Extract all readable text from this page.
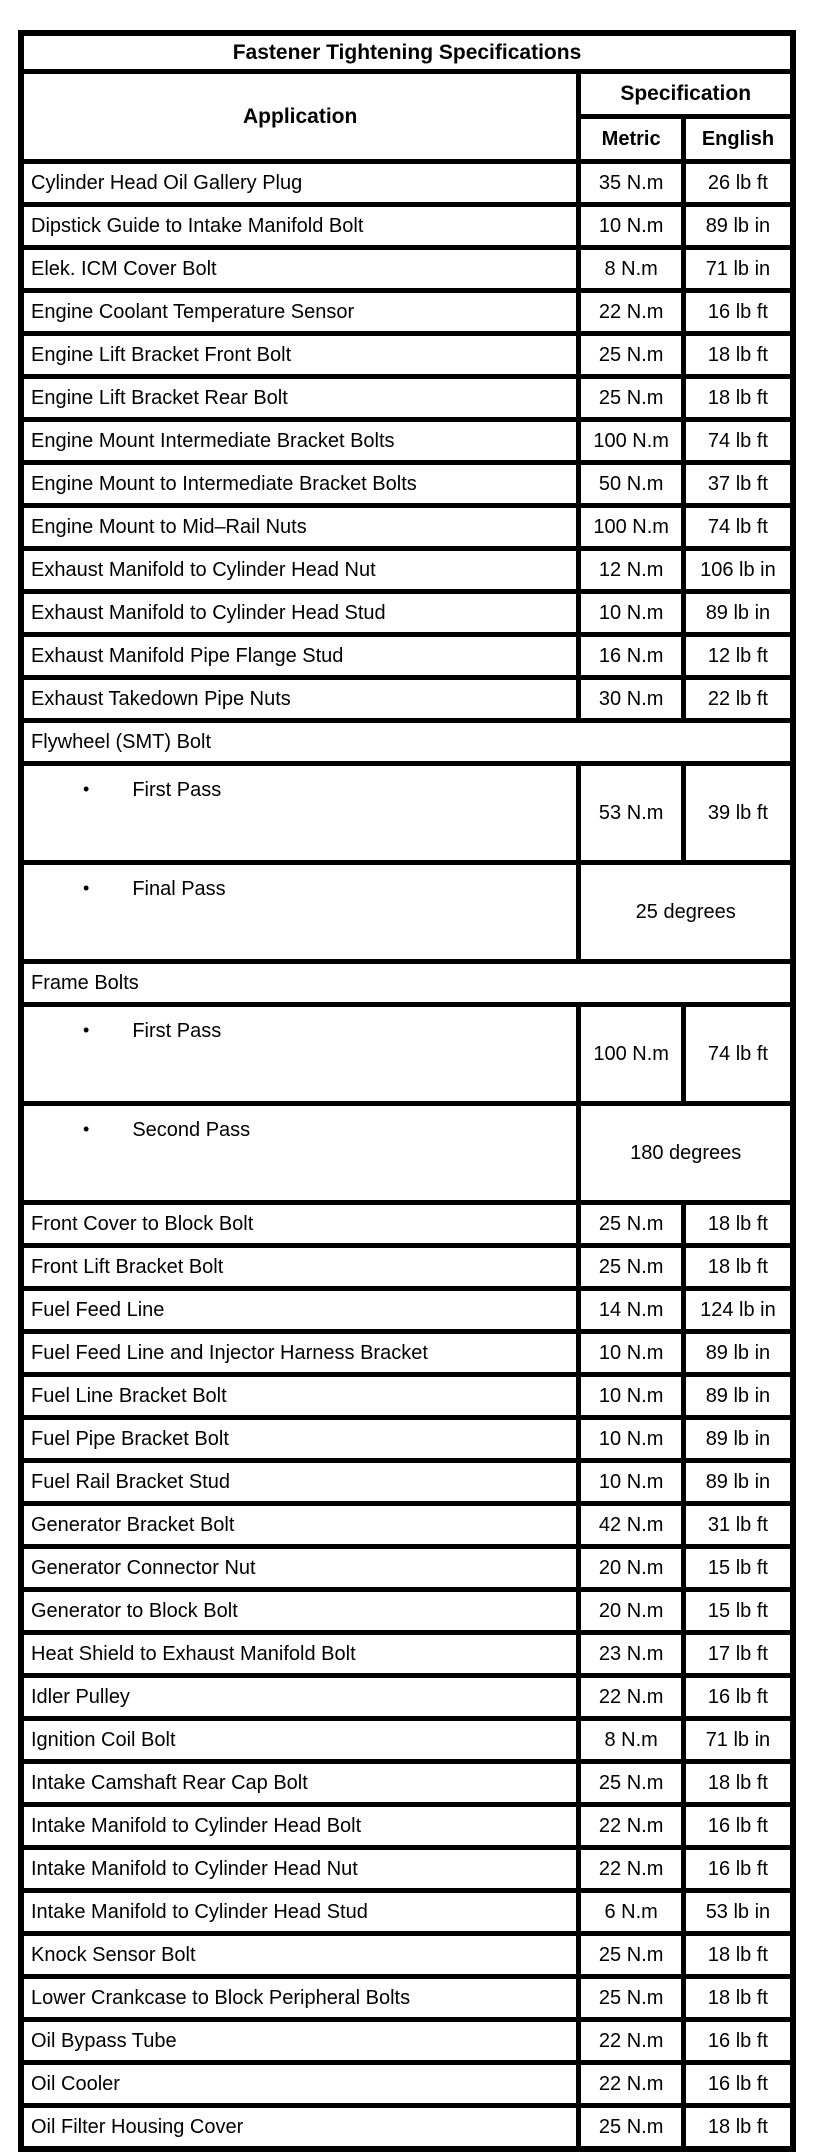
Fastener Tightening Specifications		
Application	Specification	
	Metric	English
Cylinder Head Oil Gallery Plug	35 N.m	26 lb ft
Dipstick Guide to Intake Manifold Bolt	10 N.m	89 lb in
Elek. ICM Cover Bolt	8 N.m	71 lb in
Engine Coolant Temperature Sensor	22 N.m	16 lb ft
Engine Lift Bracket Front Bolt	25 N.m	18 lb ft
Engine Lift Bracket Rear Bolt	25 N.m	18 lb ft
Engine Mount Intermediate Bracket Bolts	100 N.m	74 lb ft
Engine Mount to Intermediate Bracket Bolts	50 N.m	37 lb ft
Engine Mount to Mid–Rail Nuts	100 N.m	74 lb ft
Exhaust Manifold to Cylinder Head Nut	12 N.m	106 lb in
Exhaust Manifold to Cylinder Head Stud	10 N.m	89 lb in
Exhaust Manifold Pipe Flange Stud	16 N.m	12 lb ft
Exhaust Takedown Pipe Nuts	30 N.m	22 lb ft
Flywheel (SMT) Bolt		
• First Pass	53 N.m	39 lb ft
• Final Pass	25 degrees	
Frame Bolts		
• First Pass	100 N.m	74 lb ft
• Second Pass	180 degrees	
Front Cover to Block Bolt	25 N.m	18 lb ft
Front Lift Bracket Bolt	25 N.m	18 lb ft
Fuel Feed Line	14 N.m	124 lb in
Fuel Feed Line and Injector Harness Bracket	10 N.m	89 lb in
Fuel Line Bracket Bolt	10 N.m	89 lb in
Fuel Pipe Bracket Bolt	10 N.m	89 lb in
Fuel Rail Bracket Stud	10 N.m	89 lb in
Generator Bracket Bolt	42 N.m	31 lb ft
Generator Connector Nut	20 N.m	15 lb ft
Generator to Block Bolt	20 N.m	15 lb ft
Heat Shield to Exhaust Manifold Bolt	23 N.m	17 lb ft
Idler Pulley	22 N.m	16 lb ft
Ignition Coil Bolt	8 N.m	71 lb in
Intake Camshaft Rear Cap Bolt	25 N.m	18 lb ft
Intake Manifold to Cylinder Head Bolt	22 N.m	16 lb ft
Intake Manifold to Cylinder Head Nut	22 N.m	16 lb ft
Intake Manifold to Cylinder Head Stud	6 N.m	53 lb in
Knock Sensor Bolt	25 N.m	18 lb ft
Lower Crankcase to Block Peripheral Bolts	25 N.m	18 lb ft
Oil Bypass Tube	22 N.m	16 lb ft
Oil Cooler	22 N.m	16 lb ft
Oil Filter Housing Cover	25 N.m	18 lb ft
